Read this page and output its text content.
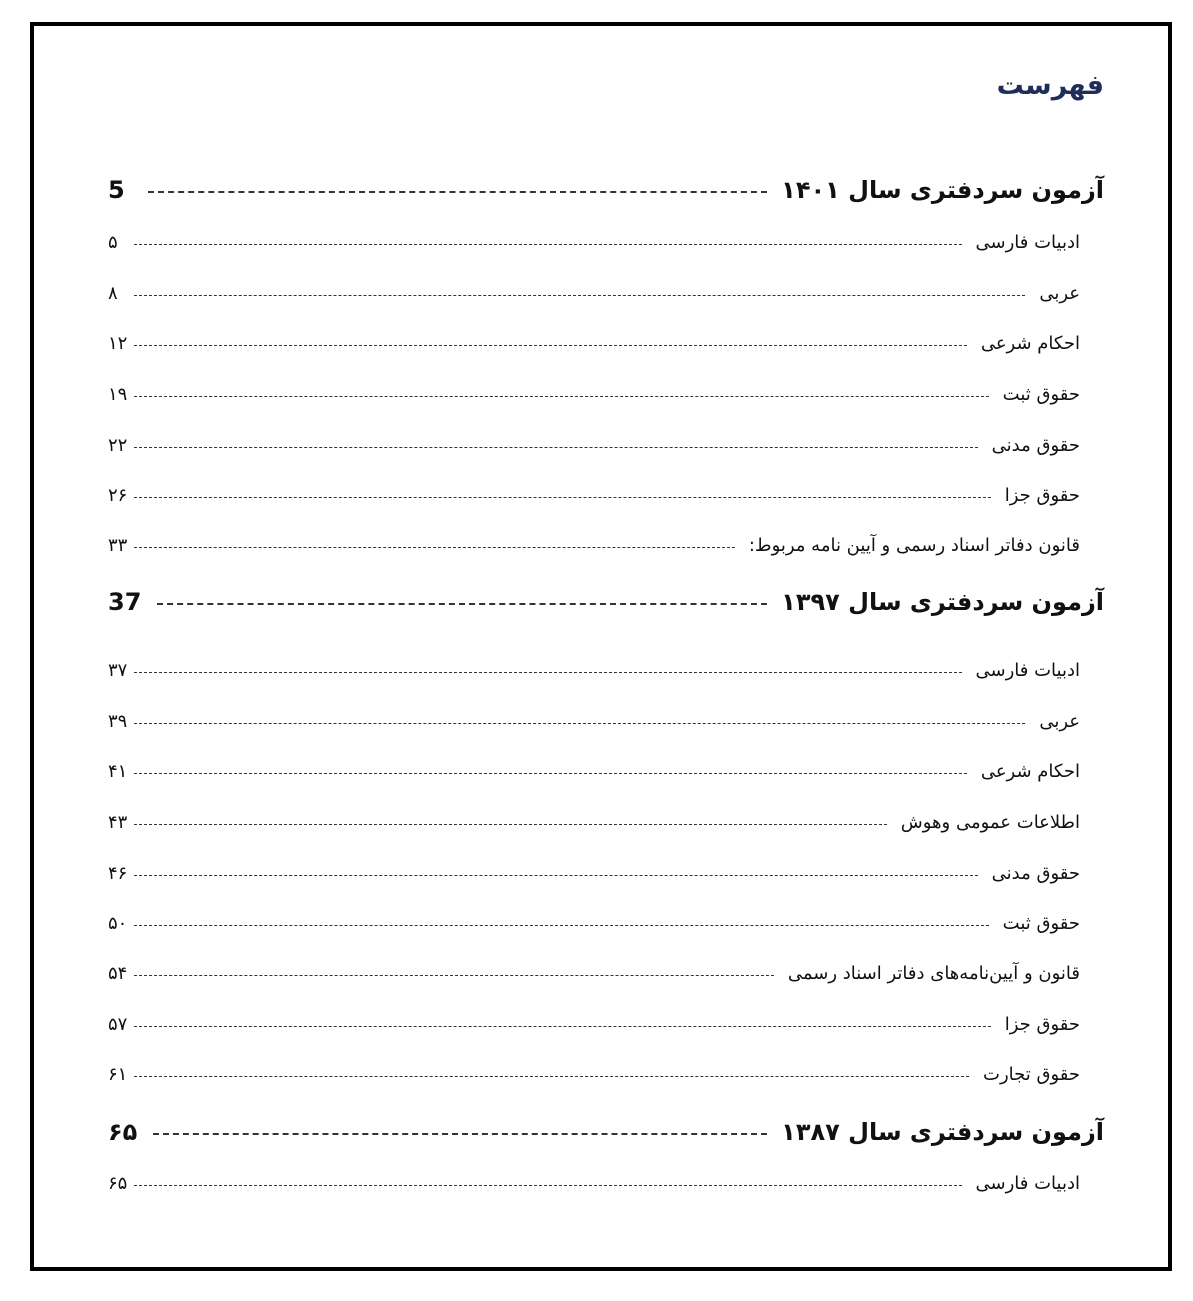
فهرست
آزمون سردفتری سال ۱۴۰۱
5
ادبیات فارسی
۵
عربی
۸
احکام شرعی
۱۲
حقوق ثبت
۱۹
حقوق مدنی
۲۲
حقوق جزا
۲۶
قانون دفاتر اسناد رسمی و آیین نامه مربوط:
۳۳
آزمون سردفتری سال ۱۳۹۷
37
ادبیات فارسی
۳۷
عربی
۳۹
احکام شرعی
۴۱
اطلاعات عمومی وهوش
۴۳
حقوق مدنی
۴۶
حقوق ثبت
۵۰
قانون و آیین‌نامه‌های دفاتر اسناد رسمی
۵۴
حقوق جزا
۵۷
حقوق تجارت
۶۱
آزمون سردفتری سال ۱۳۸۷
۶۵
ادبیات فارسی
۶۵
